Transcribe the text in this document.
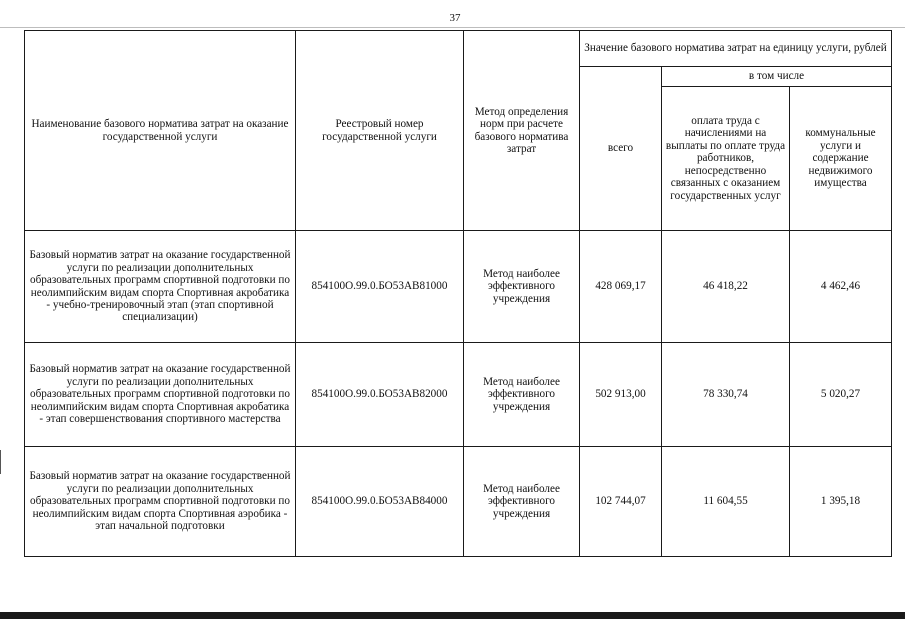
37
Наименование базового норматива затрат на оказание государственной услуги	Реестровый номер государственной услуги	Метод определения норм при расчете базового норматива затрат	Значение базового норматива затрат на единицу услуги, рублей		
			всего	в том числе	
				оплата труда с начислениями на выплаты по оплате труда работников, непосредственно связанных с оказанием государственных услуг	коммунальные услуги и содержание недвижимого имущества
Базовый норматив затрат на оказание государственной услуги по реализации дополнительных образовательных программ спортивной подготовки по неолимпийским видам спорта Спортивная акробатика - учебно-тренировочный этап (этап спортивной специализации)	854100О.99.0.БО53АВ81000	Метод наиболее эффективного учреждения	428 069,17	46 418,22	4 462,46
Базовый норматив затрат на оказание государственной услуги по реализации дополнительных образовательных программ спортивной подготовки по неолимпийским видам спорта Спортивная акробатика - этап совершенствования спортивного мастерства	854100О.99.0.БО53АВ82000	Метод наиболее эффективного учреждения	502 913,00	78 330,74	5 020,27
Базовый норматив затрат на оказание государственной услуги по реализации дополнительных образовательных программ спортивной подготовки по неолимпийским видам спорта Спортивная аэробика - этап начальной подготовки	854100О.99.0.БО53АВ84000	Метод наиболее эффективного учреждения	102 744,07	11 604,55	1 395,18
